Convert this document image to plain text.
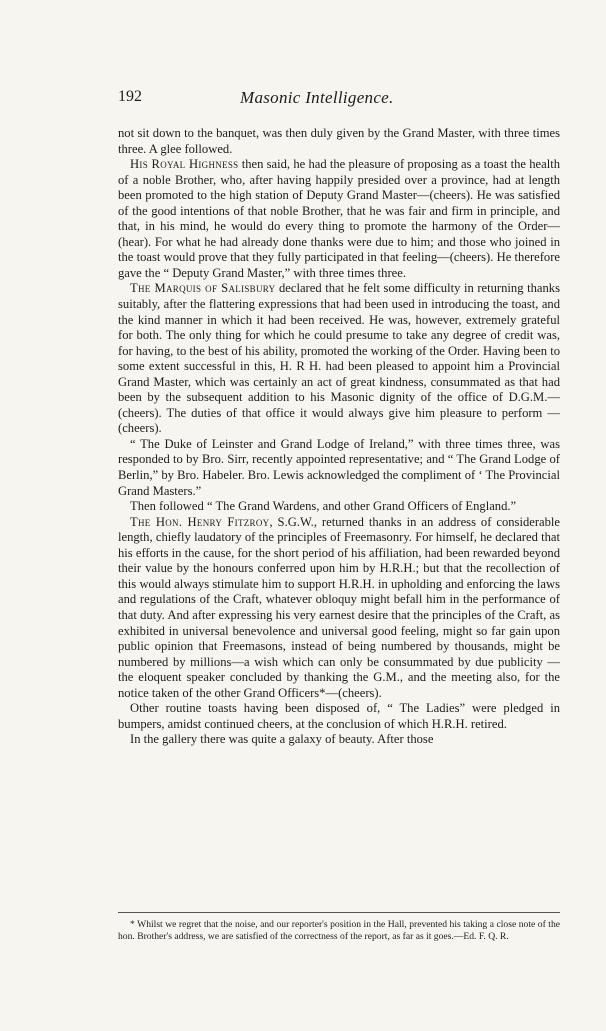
192	Masonic Intelligence.

not sit down to the banquet, was then duly given by the Grand Master, with three times three. A glee followed.

His Royal Highness then said, he had the pleasure of proposing as a toast the health of a noble Brother, who, after having happily presided over a province, had at length been promoted to the high station of Deputy Grand Master—(cheers). He was satisfied of the good intentions of that noble Brother, that he was fair and firm in principle, and that, in his mind, he would do every thing to promote the harmony of the Order—(hear). For what he had already done thanks were due to him; and those who joined in the toast would prove that they fully participated in that feeling—(cheers). He therefore gave the “ Deputy Grand Master,” with three times three.

The Marquis of Salisbury declared that he felt some difficulty in returning thanks suitably, after the flattering expressions that had been used in introducing the toast, and the kind manner in which it had been received. He was, however, extremely grateful for both. The only thing for which he could presume to take any degree of credit was, for having, to the best of his ability, promoted the working of the Order. Having been to some extent successful in this, H. R H. had been pleased to appoint him a Provincial Grand Master, which was certainly an act of great kindness, consummated as that had been by the subsequent addition to his Masonic dignity of the office of D.G.M.—(cheers). The duties of that office it would always give him pleasure to perform —(cheers).

“ The Duke of Leinster and Grand Lodge of Ireland,” with three times three, was responded to by Bro. Sirr, recently appointed representative; and “ The Grand Lodge of Berlin,” by Bro. Habeler. Bro. Lewis acknowledged the compliment of ‘ The Provincial Grand Masters.”

Then followed “ The Grand Wardens, and other Grand Officers of England.”

The Hon. Henry Fitzroy, S.G.W., returned thanks in an address of considerable length, chiefly laudatory of the principles of Freemasonry. For himself, he declared that his efforts in the cause, for the short period of his affiliation, had been rewarded beyond their value by the honours conferred upon him by H.R.H.; but that the recollection of this would always stimulate him to support H.R.H. in upholding and enforcing the laws and regulations of the Craft, whatever obloquy might befall him in the performance of that duty. And after expressing his very earnest desire that the principles of the Craft, as exhibited in universal benevolence and universal good feeling, might so far gain upon public opinion that Freemasons, instead of being numbered by thousands, might be numbered by millions—a wish which can only be consummated by due publicity — the eloquent speaker concluded by thanking the G.M., and the meeting also, for the notice taken of the other Grand Officers*—(cheers).

Other routine toasts having been disposed of, “ The Ladies” were pledged in bumpers, amidst continued cheers, at the conclusion of which H.R.H. retired.

In the gallery there was quite a galaxy of beauty. After those

* Whilst we regret that the noise, and our reporter's position in the Hall, prevented his taking a close note of the hon. Brother's address, we are satisfied of the correctness of the report, as far as it goes.—Ed. F. Q. R.
